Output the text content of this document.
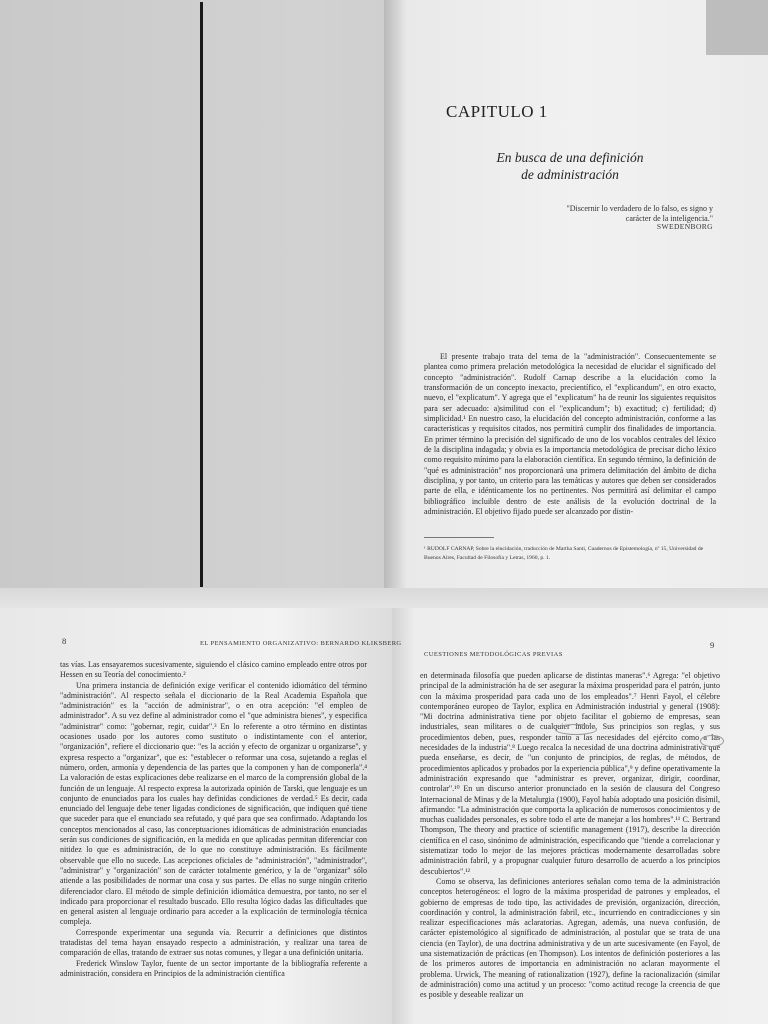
CAPITULO 1
En busca de una definición
de administración
"Discernir lo verdadero de lo falso, es signo y carácter de la inteligencia."
SWEDENBORG

El presente trabajo trata del tema de la "administración". Consecuentemente se plantea como primera prelación metodológica la necesidad de elucidar el significado del concepto "administración". Rudolf Carnap describe a la elucidación como la transformación de un concepto inexacto, precientífico, el "explicandum", en otro exacto, nuevo, el "explicatum". Y agrega que el "explicatum" ha de reunir los siguientes requisitos para ser adecuado: a)similitud con el "explicandum"; b) exactitud; c) fertilidad; d) simplicidad.¹ En nuestro caso, la elucidación del concepto administración, conforme a las características y requisitos citados, nos permitirá cumplir dos finalidades de importancia. En primer término la precisión del significado de uno de los vocablos centrales del léxico de la disciplina indagada; y obvia es la importancia metodológica de precisar dicho léxico como requisito mínimo para la elaboración científica. En segundo término, la definición de "qué es administración" nos proporcionará una primera delimitación del ámbito de dicha disciplina, y por tanto, un criterio para las temáticas y autores que deben ser considerados parte de ella, e idénticamente los no pertinentes. Nos permitirá así delimitar el campo bibliográfico incluible dentro de este análisis de la evolución doctrinal de la administración. El objetivo fijado puede ser alcanzado por distin-

¹ RUDOLF CARNAP, Sobre la elucidación, traducción de Martha Santi, Cuadernos de Epistemología, nº 15, Universidad de Buenos Aires, Facultad de Filosofía y Letras, 1960, p. 1.
8	EL PENSAMIENTO ORGANIZATIVO: BERNARDO KLIKSBERG

tas vías. Las ensayaremos sucesivamente, siguiendo el clásico camino empleado entre otros por Hessen en su Teoría del conocimiento.²

Una primera instancia de definición exige verificar el contenido idiomático del término "administración". Al respecto señala el diccionario de la Real Academia Española que "administración" es la "acción de administrar", o en otra acepción: "el empleo de administrador". A su vez define al administrador como el "que administra bienes", y especifica "administrar" como: "gobernar, regir, cuidar".³ En lo referente a otro término en distintas ocasiones usado por los autores como sustituto o indistintamente con el anterior, "organización", refiere el diccionario que: "es la acción y efecto de organizar u organizarse", y expresa respecto a "organizar", que es: "establecer o reformar una cosa, sujetando a reglas el número, orden, armonía y dependencia de las partes que la componen y han de componerla".⁴ La valoración de estas explicaciones debe realizarse en el marco de la comprensión global de la función de un lenguaje. Al respecto expresa la autorizada opinión de Tarski, que lenguaje es un conjunto de enunciados para los cuales hay definidas condiciones de verdad.⁵ Es decir, cada enunciado del lenguaje debe tener ligadas condiciones de significación, que indiquen qué tiene que suceder para que el enunciado sea refutado, y qué para que sea confirmado. Adaptando los conceptos mencionados al caso, las conceptuaciones idiomáticas de administración enunciadas serán sus condiciones de significación, en la medida en que aplicadas permitan diferenciar con nitidez lo que es administración, de lo que no constituye administración. Es fácilmente observable que ello no sucede. Las acepciones oficiales de "administración", "administrador", "administrar" y "organización" son de carácter totalmente genérico, y la de "organizar" sólo atiende a las posibilidades de normar una cosa y sus partes. De ellas no surge ningún criterio diferenciador claro. El método de simple definición idiomática demuestra, por tanto, no ser el indicado para proporcionar el resultado buscado. Ello resulta lógico dadas las dificultades que en general asisten al lenguaje ordinario para acceder a la explicación de terminología técnica compleja.

Corresponde experimentar una segunda vía. Recurrir a definiciones que distintos tratadistas del tema hayan ensayado respecto a administración, y realizar una tarea de comparación de ellas, tratando de extraer sus notas comunes, y llegar a una definición unitaria.

Frederick Winslow Taylor, fuente de un sector importante de la bibliografía referente a administración, considera en Principios de la administración científica

9
CUESTIONES METODOLÓGICAS PREVIAS

en determinada filosofía que pueden aplicarse de distintas maneras".⁶ Agrega: "el objetivo principal de la administración ha de ser asegurar la máxima prosperidad para el patrón, junto con la máxima prosperidad para cada uno de los empleados".⁷ Henri Fayol, el célebre contemporáneo europeo de Taylor, explica en Administración industrial y general (1908): "Mi doctrina administrativa tiene por objeto facilitar el gobierno de empresas, sean industriales, sean militares o de cualquier índole. Sus principios son reglas, y sus procedimientos deben, pues, responder tanto a las necesidades del ejército como a las necesidades de la industria".⁸ Luego recalca la necesidad de una doctrina administrativa que pueda enseñarse, es decir, de "un conjunto de principios, de reglas, de métodos, de procedimientos aplicados y probados por la experiencia pública",⁹ y define operativamente la administración expresando que "administrar es prever, organizar, dirigir, coordinar, controlar".¹⁰ En un discurso anterior pronunciado en la sesión de clausura del Congreso Internacional de Minas y de la Metalurgia (1900), Fayol había adoptado una posición disímil, afirmando: "La administración que comporta la aplicación de numerosos conocimientos y de muchas cualidades personales, es sobre todo el arte de manejar a los hombres".¹¹ C. Bertrand Thompson, The theory and practice of scientific management (1917), describe la dirección científica en el caso, sinónimo de administración, especificando que "tiende a correlacionar y sistematizar todo lo mejor de las mejores prácticas modernamente desarrolladas sobre administración fabril, y a propugnar cualquier futuro desarrollo de acuerdo a los principios descubiertos".¹²

Como se observa, las definiciones anteriores señalan como tema de la administración conceptos heterogéneos: el logro de la máxima prosperidad de patrones y empleados, el gobierno de empresas de todo tipo, las actividades de previsión, organización, dirección, coordinación y control, la administración fabril, etc., incurriendo en contradicciones y sin realizar especificaciones más aclaratorias. Agregan, además, una nueva confusión, de carácter epistemológico al significado de administración, al postular que se trata de una ciencia (en Taylor), de una doctrina administrativa y de un arte sucesivamente (en Fayol, de una sistematización de prácticas (en Thompson). Los intentos de definición posteriores a las de los primeros autores de importancia en administración no aclaran mayormente el problema. Urwick, The meaning of rationalization (1927), define la racionalización (similar de administración) como una actitud y un proceso: "como actitud recoge la creencia de que es posible y deseable realizar un
